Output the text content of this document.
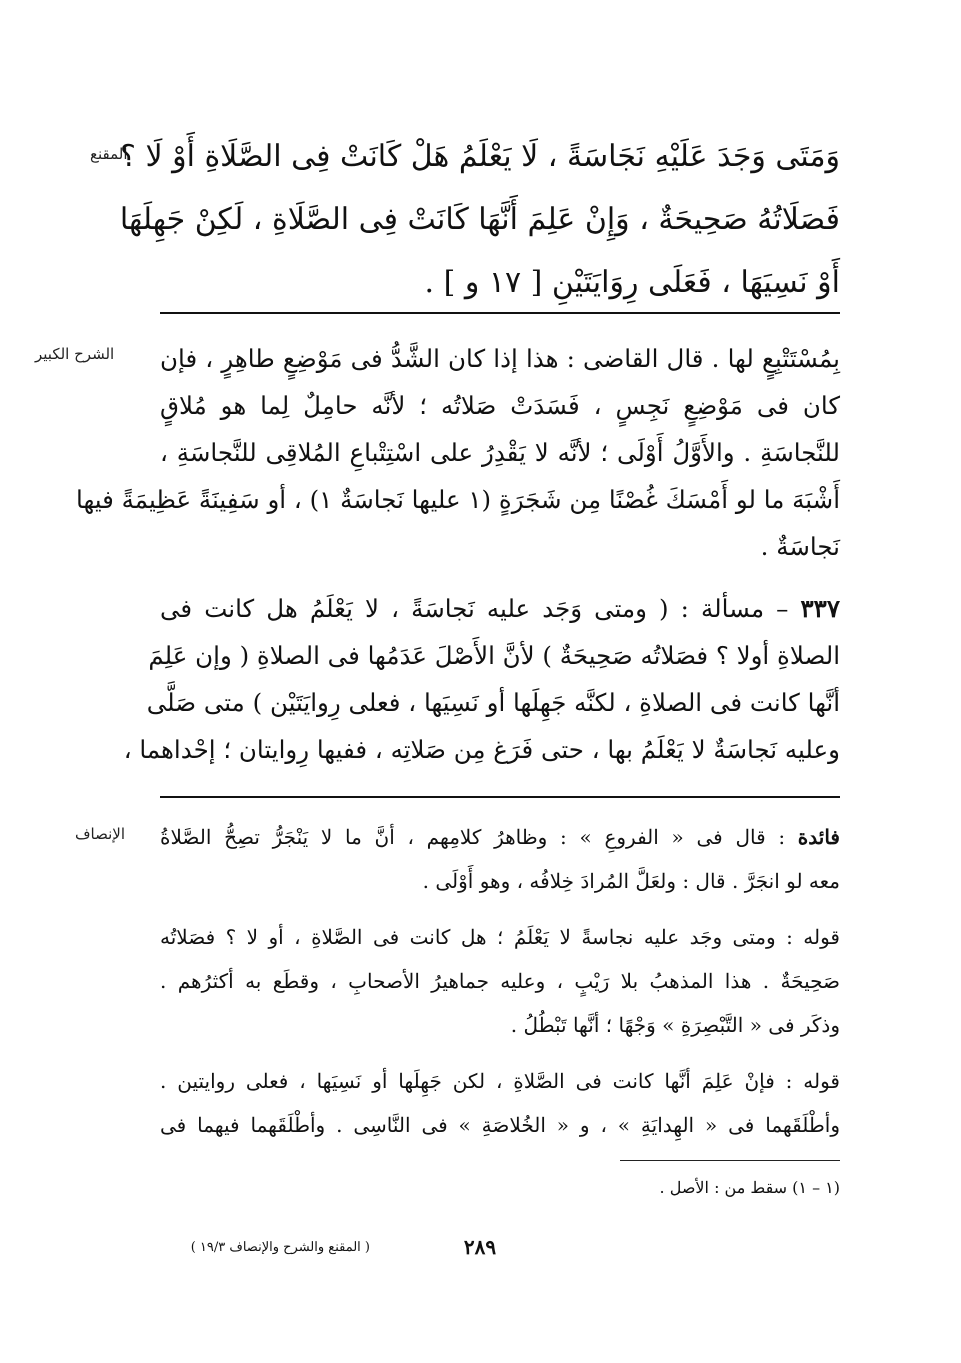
المقنع
وَمَتَى وَجَدَ عَلَيْهِ نَجَاسَةً ، لَا يَعْلَمُ هَلْ كَانَتْ فِى الصَّلَاةِ أَوْ لَا ؟
فَصَلَاتُهُ صَحِيحَةٌ ، وَإِنْ عَلِمَ أَنَّهَا كَانَتْ فِى الصَّلَاةِ ، لَكِنْ جَهِلَهَا
أَوْ نَسِيَهَا ، فَعَلَى رِوَايَتَيْنِ [ ١٧ و ] .
الشرح الكبير بِمُسْتَتْبِعٍ لها . قال القاضى : هذا إذا كان الشَّدُّ فى مَوْضِعٍ طاهِرٍ ، فإن
كان فى مَوْضِعٍ نَجِسٍ ، فَسَدَتْ صَلاتُه ؛ لأنَّه حامِلٌ لِما هو مُلاقٍ
للنَّجاسَةِ . والأَوَّلُ أَوْلَى ؛ لأنَّه لا يَقْدِرُ على اسْتِتْباعِ المُلاقِى للنَّجاسَةِ ،
أَشْبَهَ ما لو أَمْسَكَ غُصْنًا مِن شَجَرَةٍ (١ عليها نَجاسَةٌ ١) ، أو سَفِينَةً عَظِيمَةً فيها
نَجاسَةٌ .
٣٣٧ – مسألة : ( ومتى وَجَد عليه نَجاسَةً ، لا يَعْلَمُ هل كانت فى
الصلاةِ أولا ؟ فصَلاتُه صَحِيحَةٌ ) لأنَّ الأَصْلَ عَدَمُها فى الصلاةِ ( وإن عَلِمَ
أنَّها كانت فى الصلاةِ ، لكنَّه جَهِلَها أو نَسِيَها ، فعلى رِوايَتَيْن ) متى صَلَّى
وعليه نَجاسَةٌ لا يَعْلَمُ بها ، حتى فَرَغ مِن صَلاتِه ، ففيها رِوايتان ؛ إحْداهما ،
الإنصاف	فائدة : قال فى « الفروعِ » : وظاهرُ كلامِهم ، أنَّ ما لا يَنْجَرُّ تصِحُّ الصَّلاةُ
معه لو انجَرَّ . قال : ولعَلَّ المُرادَ خِلافُه ، وهو أَوْلَى .
قوله : ومتى وجَد عليه نجاسةً لا يَعْلَمُ ؛ هل كانت فى الصَّلاةِ ، أو لا ؟ فصَلاتُه
صَحِيحَةٌ . هذا المذهبُ بلا رَيْبٍ ، وعليه جماهيرُ الأصحابِ ، وقطَع به أكثرُهم .
وذكَر فى « التَّبْصِرَةِ » وَجْهًا ؛ أنَّها تَبْطُلُ .
قوله : فإنْ عَلِمَ أنَّها كانت فى الصَّلاةِ ، لكن جَهِلَها أو نَسِيَها ، فعلى روايتين .
وأطْلَقَهما فى « الهِدايَةِ » ، و « الخُلاصَةِ » فى النَّاسِى . وأطْلَقَهما فيهما فى
(١ – ١) سقط من : الأصل .
٢٨٩
( المقنع والشرح والإنصاف ١٩/٣ )
